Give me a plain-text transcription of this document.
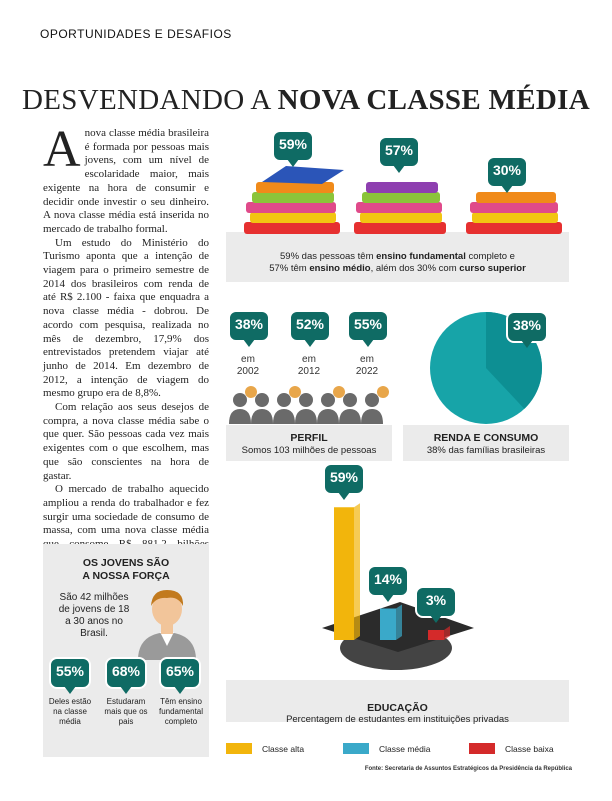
OPORTUNIDADES E DESAFIOS
DESVENDANDO A NOVA CLASSE MÉDIA

Anova classe média brasileira é formada por pessoas mais jovens, com um nível de escolaridade maior, mais exigente na hora de consumir e decidir onde investir o seu dinheiro. A nova classe média está inserida no mercado de trabalho formal.

Um estudo do Ministério do Turismo aponta que a intenção de viagem para o primeiro semestre de 2014 dos brasileiros com renda de até R$ 2.100 - faixa que enquadra a nova classe média - dobrou. De acordo com pesquisa, realizada no mês de dezembro, 17,9% dos entrevistados pretendem viajar até junho de 2014. Em dezembro de 2012, a intenção de viagem do mesmo grupo era de 8,8%.

Com relação aos seus desejos de compra, a nova classe média sabe o que quer. São pessoas cada vez mais exigentes com o que escolhem, mas que são conscientes na hora de gastar.

O mercado de trabalho aquecido ampliou a renda do trabalhador e fez surgir uma sociedade de consumo de massa, com uma nova classe média

59%	57%
30%
59% das pessoas têm ensino fundamental completo e
57% têm ensino médio, além dos 30% com curso superior
38%	52%	55%
em
2002
em
2012
em
2022
PERFIL
Somos 103 milhões de pessoas
38%
RENDA E CONSUMO
38% das famílias brasileiras
OS JOVENS SÃO
A NOSSA FORÇA
São 42 milhões de jovens de 18 a 30 anos no Brasil.
55%	68%	65%
Deles estão na classe média
Estudaram mais que os pais
Têm ensino fundamental completo
59%
14%
3%
EDUCAÇÃO
Percentagem de estudantes em instituições privadas
Classe alta	Classe média	Classe baixa
Fonte: Secretaria de Assuntos Estratégicos da Presidência da República
